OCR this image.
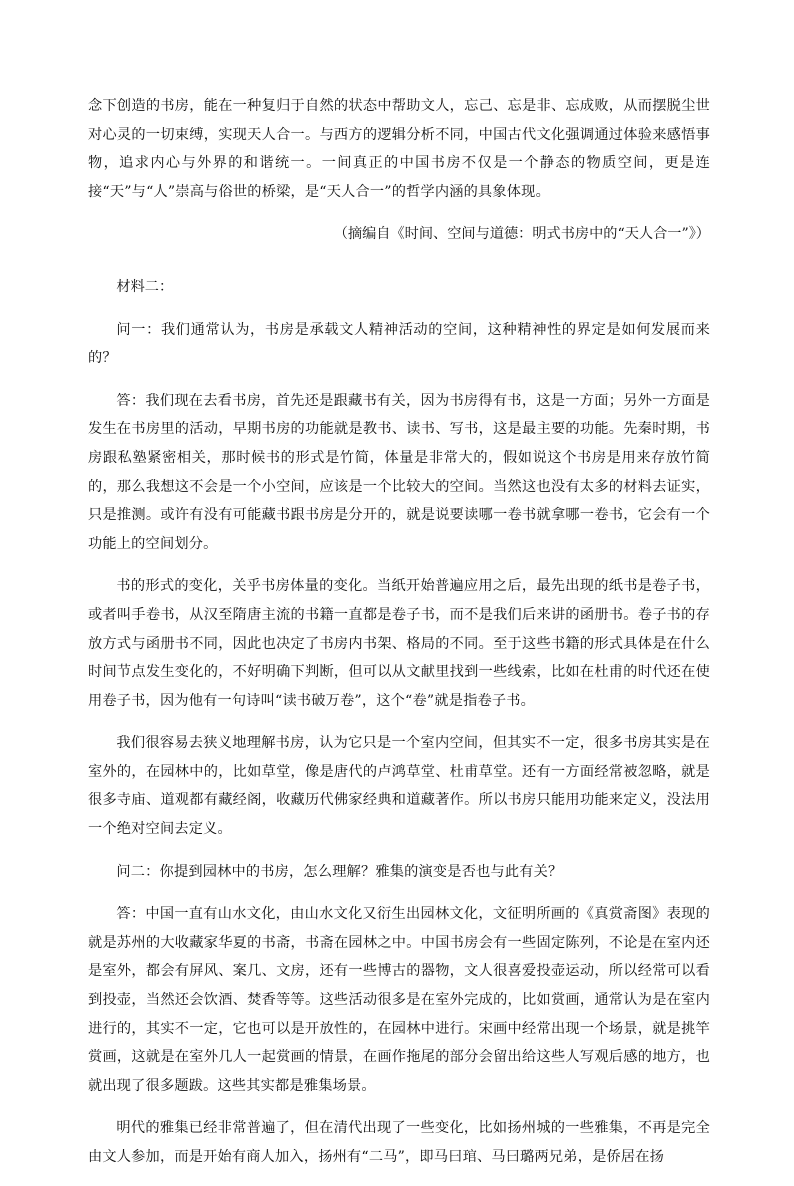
念下创造的书房，能在一种复归于自然的状态中帮助文人，忘己、忘是非、忘成败，从而摆脱尘世对心灵的一切束缚，实现天人合一。与西方的逻辑分析不同，中国古代文化强调通过体验来感悟事物，追求内心与外界的和谐统一。一间真正的中国书房不仅是一个静态的物质空间，更是连接“天”与“人”崇高与俗世的桥梁，是“天人合一”的哲学内涵的具象体现。

（摘编自《时间、空间与道德：明式书房中的“天人合一”》）

材料二：

问一：我们通常认为，书房是承载文人精神活动的空间，这种精神性的界定是如何发展而来的？

答：我们现在去看书房，首先还是跟藏书有关，因为书房得有书，这是一方面；另外一方面是发生在书房里的活动，早期书房的功能就是教书、读书、写书，这是最主要的功能。先秦时期，书房跟私塾紧密相关，那时候书的形式是竹简，体量是非常大的，假如说这个书房是用来存放竹简的，那么我想这不会是一个小空间，应该是一个比较大的空间。当然这也没有太多的材料去证实，只是推测。或许有没有可能藏书跟书房是分开的，就是说要读哪一卷书就拿哪一卷书，它会有一个功能上的空间划分。

书的形式的变化，关乎书房体量的变化。当纸开始普遍应用之后，最先出现的纸书是卷子书，或者叫手卷书，从汉至隋唐主流的书籍一直都是卷子书，而不是我们后来讲的函册书。卷子书的存放方式与函册书不同，因此也决定了书房内书架、格局的不同。至于这些书籍的形式具体是在什么时间节点发生变化的，不好明确下判断，但可以从文献里找到一些线索，比如在杜甫的时代还在使用卷子书，因为他有一句诗叫“读书破万卷”，这个“卷”就是指卷子书。

我们很容易去狭义地理解书房，认为它只是一个室内空间，但其实不一定，很多书房其实是在室外的，在园林中的，比如草堂，像是唐代的卢鸿草堂、杜甫草堂。还有一方面经常被忽略，就是很多寺庙、道观都有藏经阁，收藏历代佛家经典和道藏著作。所以书房只能用功能来定义，没法用一个绝对空间去定义。

问二：你提到园林中的书房，怎么理解？雅集的演变是否也与此有关？

答：中国一直有山水文化，由山水文化又衍生出园林文化，文征明所画的《真赏斋图》表现的就是苏州的大收藏家华夏的书斋，书斋在园林之中。中国书房会有一些固定陈列，不论是在室内还是室外，都会有屏风、案几、文房，还有一些博古的器物，文人很喜爱投壶运动，所以经常可以看到投壶，当然还会饮酒、焚香等等。这些活动很多是在室外完成的，比如赏画，通常认为是在室内进行的，其实不一定，它也可以是开放性的，在园林中进行。宋画中经常出现一个场景，就是挑竿赏画，这就是在室外几人一起赏画的情景，在画作拖尾的部分会留出给这些人写观后感的地方，也就出现了很多题跋。这些其实都是雅集场景。

明代的雅集已经非常普遍了，但在清代出现了一些变化，比如扬州城的一些雅集，不再是完全由文人参加，而是开始有商人加入，扬州有“二马”，即马曰琯、马曰璐两兄弟，是侨居在扬
